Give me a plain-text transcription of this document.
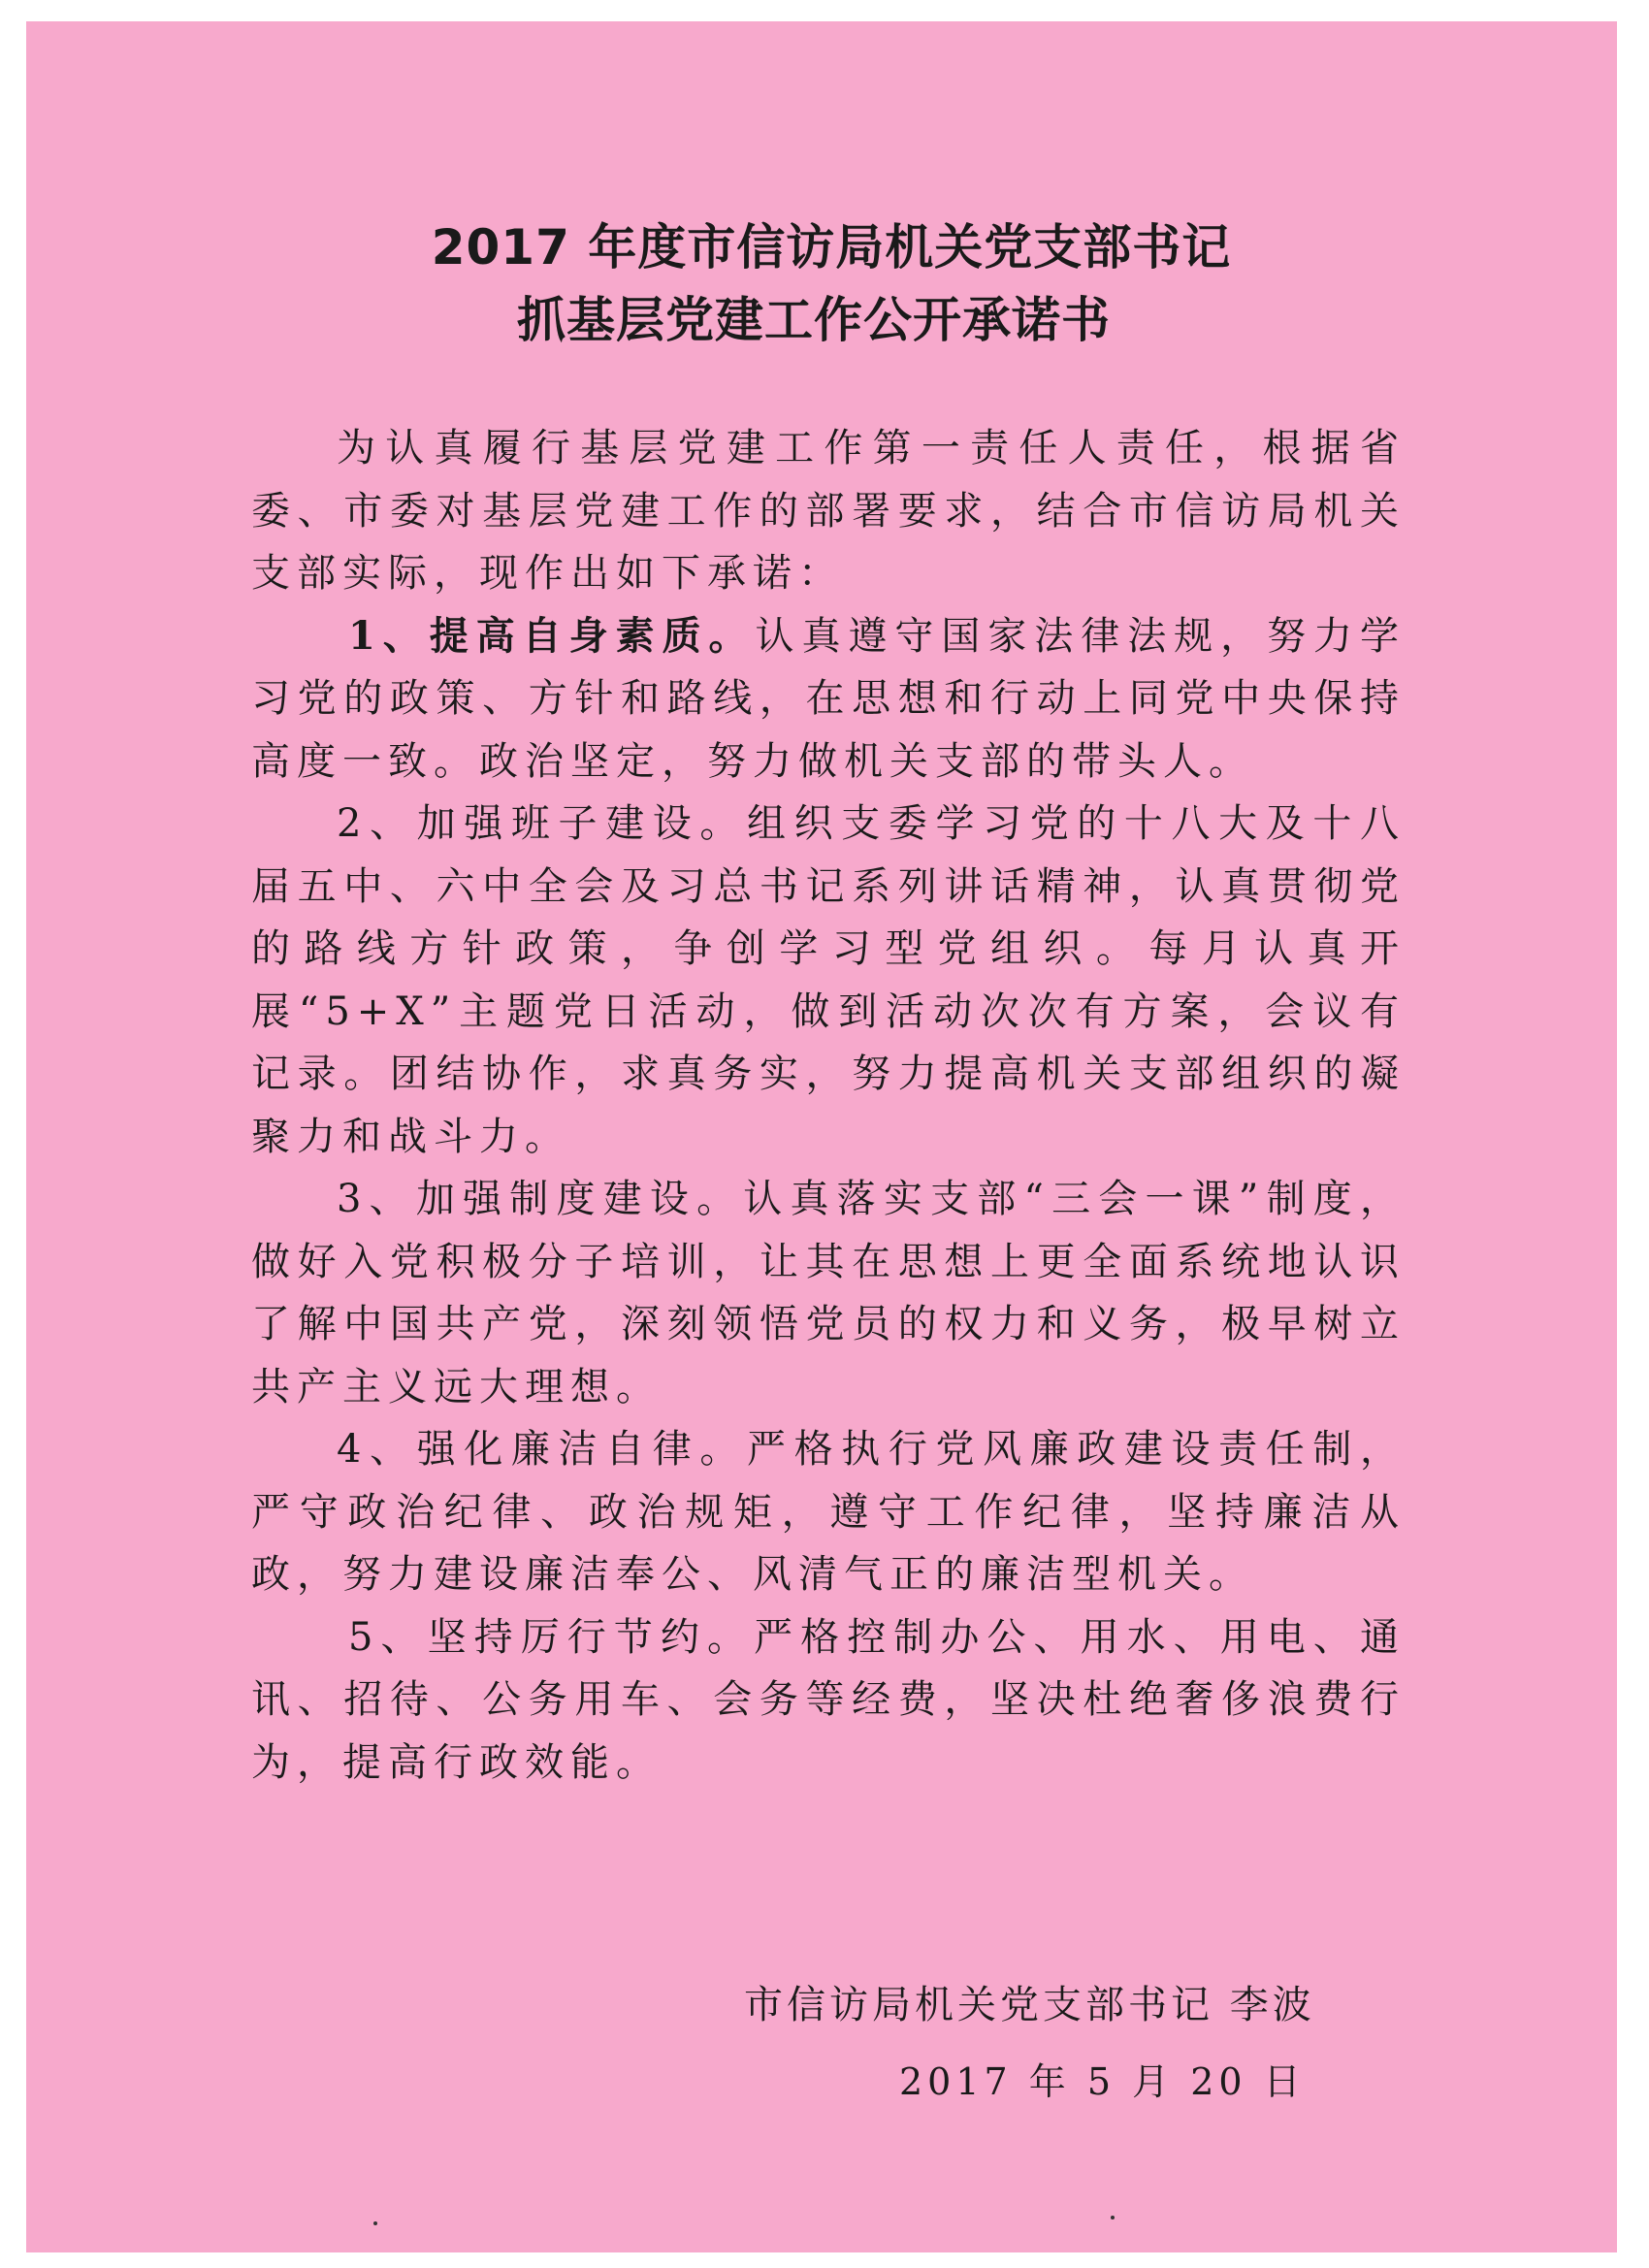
2017 年度市信访局机关党支部书记
抓基层党建工作公开承诺书

为认真履行基层党建工作第一责任人责任，根据省委、市委对基层党建工作的部署要求，结合市信访局机关支部实际，现作出如下承诺：

1、提高自身素质。认真遵守国家法律法规，努力学习党的政策、方针和路线，在思想和行动上同党中央保持高度一致。政治坚定，努力做机关支部的带头人。

2、加强班子建设。组织支委学习党的十八大及十八届五中、六中全会及习总书记系列讲话精神，认真贯彻党的路线方针政策，争创学习型党组织。每月认真开展“5+X”主题党日活动，做到活动次次有方案，会议有记录。团结协作，求真务实，努力提高机关支部组织的凝聚力和战斗力。

3、加强制度建设。认真落实支部“三会一课”制度，做好入党积极分子培训，让其在思想上更全面系统地认识了解中国共产党，深刻领悟党员的权力和义务，极早树立共产主义远大理想。

4、强化廉洁自律。严格执行党风廉政建设责任制，严守政治纪律、政治规矩，遵守工作纪律，坚持廉洁从政，努力建设廉洁奉公、风清气正的廉洁型机关。

5、坚持厉行节约。严格控制办公、用水、用电、通讯、招待、公务用车、会务等经费，坚决杜绝奢侈浪费行为，提高行政效能。

市信访局机关党支部书记 李波
2017 年 5 月 20 日
